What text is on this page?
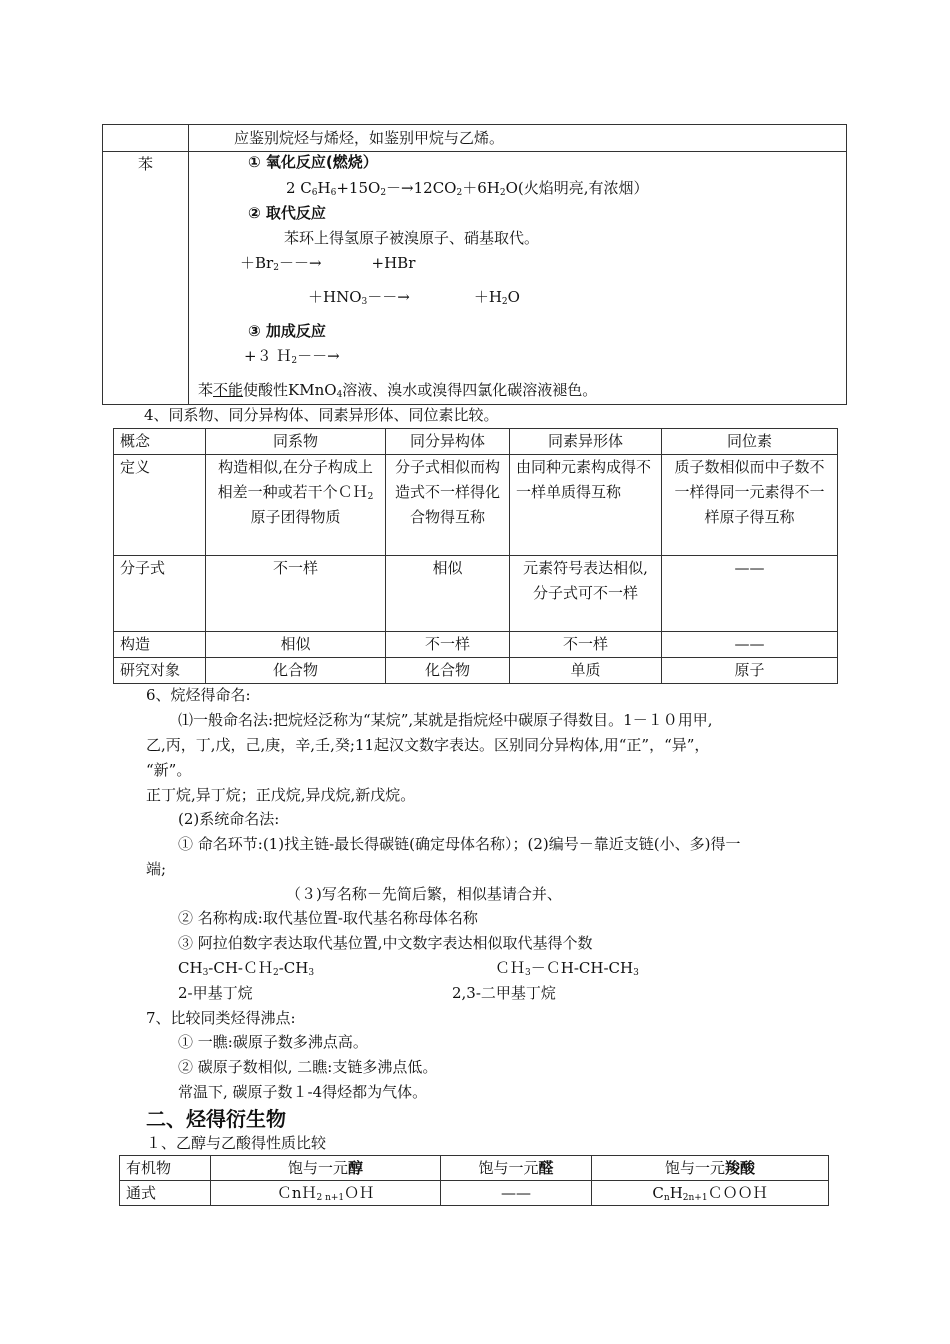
	应鉴别烷烃与烯烃，如鉴别甲烷与乙烯。
苯		① 氧化反应(燃烧）
2 $C_6H_6+15O_2-\to 12CO_2+6H_2O$(火焰明亮,有浓烟）
② 取代反应
苯环上得氢原子被溴原子、硝基取代。
$+Br_2--\to$	+HBr
$+HNO_3--\to$	$+H_2O$
③ 加成反应
+３ Ｈ$_2$－－→
苯不能使酸性KMnO$_4$溶液、溴水或溴得四氯化碳溶液褪色。
4、同系物、同分异构体、同素异形体、同位素比较。
概念	同系物	同分异构体	同素异形体	同位素
定义	构造相似,在分子构成上相差一种或若干个ＣＨ$_2$原子团得物质	分子式相似而构造式不一样得化合物得互称	由同种元素构成得不一样单质得互称	质子数相似而中子数不一样得同一元素得不一样原子得互称
分子式	不一样	相似	元素符号表达相似,分子式可不一样	——
构造	相似	不一样	不一样	——
研究对象	化合物	化合物	单质	原子
6、烷烃得命名:
⑴一般命名法:把烷烃泛称为“某烷”,某就是指烷烃中碳原子得数目。1－１０用甲,
乙,丙，丁,戊，己,庚，辛,壬,癸;11起汉文数字表达。区别同分异构体,用“正”，“异”，
“新”。
正丁烷,异丁烷；正戊烷,异戊烷,新戊烷。
(2)系统命名法:
① 命名环节:(1)找主链-最长得碳链(确定母体名称）；(2)编号－靠近支链(小、多)得一
端;
（３)写名称－先简后繁，相似基请合并、
② 名称构成:取代基位置-取代基名称母体名称
③ 阿拉伯数字表达取代基位置,中文数字表达相似取代基得个数
$CH_3-CH-CH_2-CH_3$	$CH_3-CH-CH-CH_3$
2-甲基丁烷	2,3-二甲基丁烷
7、比较同类烃得沸点:
① 一瞧:碳原子数多沸点高。
② 碳原子数相似, 二瞧:支链多沸点低。
常温下, 碳原子数１-4得烃都为气体。
二、烃得衍生物
１、乙醇与乙酸得性质比较
有机物	饱与一元醇	饱与一元醛	饱与一元羧酸
通式	ＣnＨ$_{2 n+1}$ＯＨ	——	$C_nH_{2n+1}COOH$
